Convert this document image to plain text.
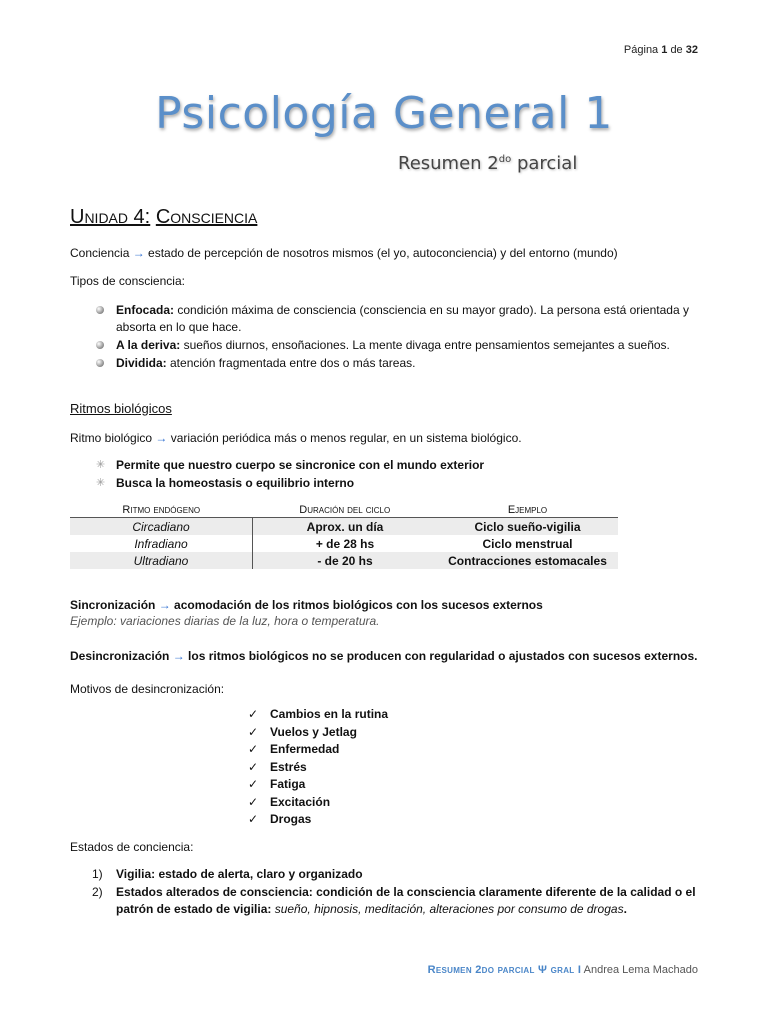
Página 1 de 32
Psicología General 1
Resumen $2^{do}$ parcial
Unidad 4: Consciencia
Conciencia → estado de percepción de nosotros mismos (el yo, autoconciencia) y del entorno (mundo)
Tipos de consciencia:
Enfocada: condición máxima de consciencia (consciencia en su mayor grado). La persona está orientada y absorta en lo que hace.
A la deriva: sueños diurnos, ensoñaciones. La mente divaga entre pensamientos semejantes a sueños.
Dividida: atención fragmentada entre dos o más tareas.
Ritmos biológicos
Ritmo biológico → variación periódica más o menos regular, en un sistema biológico.
✳ Permite que nuestro cuerpo se sincronice con el mundo exterior
✳ Busca la homeostasis o equilibrio interno
Ritmo endógeno	Duración del ciclo	Ejemplo
Circadiano	Aprox. un día	Ciclo sueño-vigilia
Infradiano	+ de 28 hs	Ciclo menstrual
Ultradiano	- de 20 hs	Contracciones estomacales
Sincronización → acomodación de los ritmos biológicos con los sucesos externos
Ejemplo: variaciones diarias de la luz, hora o temperatura.
Desincronización → los ritmos biológicos no se producen con regularidad o ajustados con sucesos externos.
Motivos de desincronización:
✓ Cambios en la rutina
✓ Vuelos y Jetlag
✓ Enfermedad
✓ Estrés
✓ Fatiga
✓ Excitación
✓ Drogas
Estados de conciencia:
1) Vigilia: estado de alerta, claro y organizado
2) Estados alterados de consciencia: condición de la consciencia claramente diferente de la calidad o el patrón de estado de vigilia: sueño, hipnosis, meditación, alteraciones por consumo de drogas.
Resumen 2do parcial Ψ gral I Andrea Lema Machado
